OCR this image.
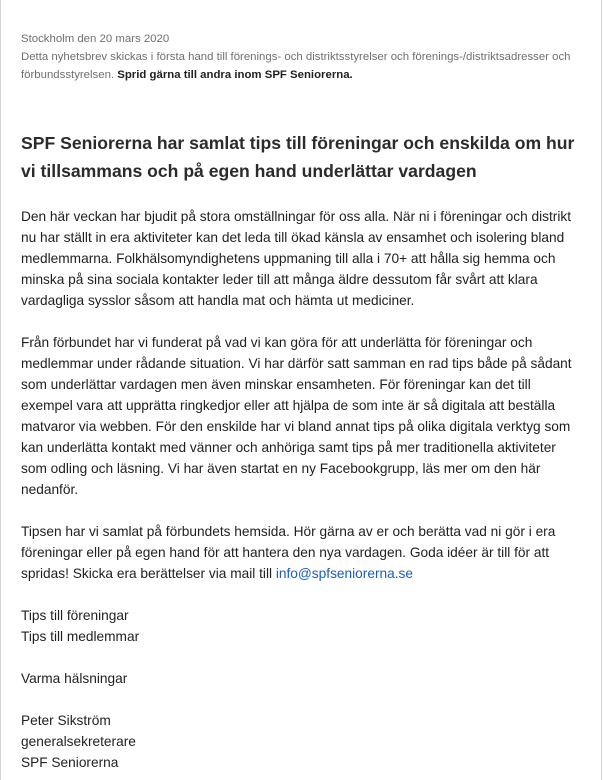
Stockholm den 20 mars 2020

Detta nyhetsbrev skickas i första hand till förenings- och distriktsstyrelser och förenings-/distriktsadresser och förbundsstyrelsen. Sprid gärna till andra inom SPF Seniorerna.

SPF Seniorerna har samlat tips till föreningar och enskilda om hur vi tillsammans och på egen hand underlättar vardagen

Den här veckan har bjudit på stora omställningar för oss alla. När ni i föreningar och distrikt nu har ställt in era aktiviteter kan det leda till ökad känsla av ensamhet och isolering bland medlemmarna. Folkhälsomyndighetens uppmaning till alla i 70+ att hålla sig hemma och minska på sina sociala kontakter leder till att många äldre dessutom får svårt att klara vardagliga sysslor såsom att handla mat och hämta ut mediciner.

Från förbundet har vi funderat på vad vi kan göra för att underlätta för föreningar och medlemmar under rådande situation. Vi har därför satt samman en rad tips både på sådant som underlättar vardagen men även minskar ensamheten. För föreningar kan det till exempel vara att upprätta ringkedjor eller att hjälpa de som inte är så digitala att beställa matvaror via webben. För den enskilde har vi bland annat tips på olika digitala verktyg som kan underlätta kontakt med vänner och anhöriga samt tips på mer traditionella aktiviteter som odling och läsning. Vi har även startat en ny Facebookgrupp, läs mer om den här nedanför.

Tipsen har vi samlat på förbundets hemsida. Hör gärna av er och berätta vad ni gör i era föreningar eller på egen hand för att hantera den nya vardagen. Goda idéer är till för att spridas! Skicka era berättelser via mail till info@spfseniorerna.se

Tips till föreningar
Tips till medlemmar

Varma hälsningar

Peter Sikström

generalsekreterare

SPF Seniorerna
